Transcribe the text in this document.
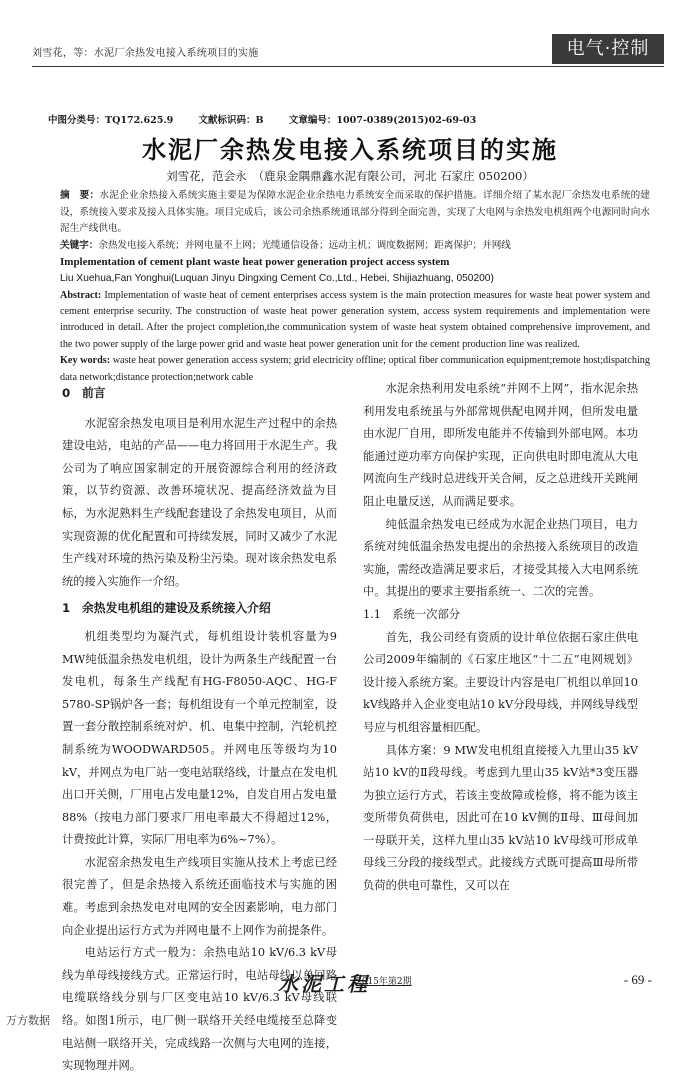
刘雪花，等：水泥厂余热发电接入系统项目的实施	电气·控制
中图分类号：TQ172.625.9	文献标识码：B	文章编号：1007-0389(2015)02-69-03
水泥厂余热发电接入系统项目的实施
刘雪花，范会永 （鹿泉金隅鼎鑫水泥有限公司，河北 石家庄 050200）

摘　要：水泥企业余热接入系统实施主要是为保障水泥企业余热电力系统安全而采取的保护措施。详细介绍了某水泥厂余热发电系统的建设，系统接入要求及接入具体实施。项目完成后，该公司余热系统通讯部分得到全面完善，实现了大电网与余热发电机组两个电源同时向水泥生产线供电。

关键字：余热发电接入系统；并网电量不上网；光缆通信设备；远动主机；调度数据网；距离保护；并网线

Implementation of cement plant waste heat power generation project access system

Liu Xuehua,Fan Yonghui(Luquan Jinyu Dingxing Cement Co.,Ltd., Hebei, Shijiazhuang, 050200)

Abstract: Implementation of waste heat of cement enterprises access system is the main protection measures for waste heat power system and cement enterprise security. The construction of waste heat power generation system, access system requirements and implementation were introduced in detail. After the project completion,the communication system of waste heat system obtained comprehensive improvement, and the two power supply of the large power grid and waste heat power generation unit for the cement production line was realized.

Key words: waste heat power generation access system; grid electricity offline; optical fiber communication equipment;remote host;dispatching data network;distance protection;network cable

0　前言

水泥窑余热发电项目是利用水泥生产过程中的余热建设电站，电站的产品——电力将回用于水泥生产。我公司为了响应国家制定的开展资源综合利用的经济政策，以节约资源、改善环境状况、提高经济效益为目标，为水泥熟料生产线配套建设了余热发电项目，从而实现资源的优化配置和可持续发展，同时又减少了水泥生产线对环境的热污染及粉尘污染。现对该余热发电系统的接入实施作一介绍。

1　余热发电机组的建设及系统接入介绍

机组类型均为凝汽式，每机组设计装机容量为9 MW纯低温余热发电机组，设计为两条生产线配置一台发电机，每条生产线配有HG-F8050-AQC、HG-F 5780-SP锅炉各一套；每机组设有一个单元控制室，设置一套分散控制系统对炉、机、电集中控制，汽轮机控制系统为WOODWARD505。并网电压等级均为10 kV，并网点为电厂站一变电站联络线，计量点在发电机出口开关侧，厂用电占发电量12%，自发自用占发电量88%（按电力部门要求厂用电率最大不得超过12%，计费按此计算，实际厂用电率为6%~7%）。

水泥窑余热发电生产线项目实施从技术上考虑已经很完善了，但是余热接入系统还面临技术与实施的困难。考虑到余热发电对电网的安全因素影响，电力部门向企业提出运行方式为并网电量不上网作为前提条件。

电站运行方式一般为：余热电站10 kV/6.3 kV母线为单母线接线方式。正常运行时，电站母线以单回路电缆联络线分别与厂区变电站10 kV/6.3 kV母线联络。如图1所示，电厂侧一联络开关经电缆接至总降变电站侧一联络开关，完成线路一次侧与大电网的连接，实现物理并网。

水泥余热利用发电系统“并网不上网”，指水泥余热利用发电系统虽与外部常规供配电网并网，但所发电量由水泥厂自用，即所发电能并不传输到外部电网。本功能通过逆功率方向保护实现，正向供电时即电流从大电网流向生产线时总进线开关合闸，反之总进线开关跳闸阻止电量反送，从而满足要求。

纯低温余热发电已经成为水泥企业热门项目，电力系统对纯低温余热发电提出的余热接入系统项目的改造实施，需经改造满足要求后，才接受其接入大电网系统中。其提出的要求主要指系统一、二次的完善。

1.1　系统一次部分

首先，我公司经有资质的设计单位依据石家庄供电公司2009年编制的《石家庄地区“十二五”电网规划》设计接入系统方案。主要设计内容是电厂机组以单回10 kV线路并入企业变电站10 kV分段母线，并网线导线型号应与机组容量相匹配。

具体方案：9 MW发电机组直接接入九里山35 kV站10 kV的Ⅱ段母线。考虑到九里山35 kV站*3变压器为独立运行方式，若该主变故障或检修，将不能为该主变所带负荷供电，因此可在10 kV侧的Ⅱ母、Ⅲ母间加一母联开关，这样九里山35 kV站10 kV母线可形成单母线三分段的接线型式。此接线方式既可提高Ⅲ母所带负荷的供电可靠性，又可以在

水泥工程
2015年第2期	- 69 -
万方数据
